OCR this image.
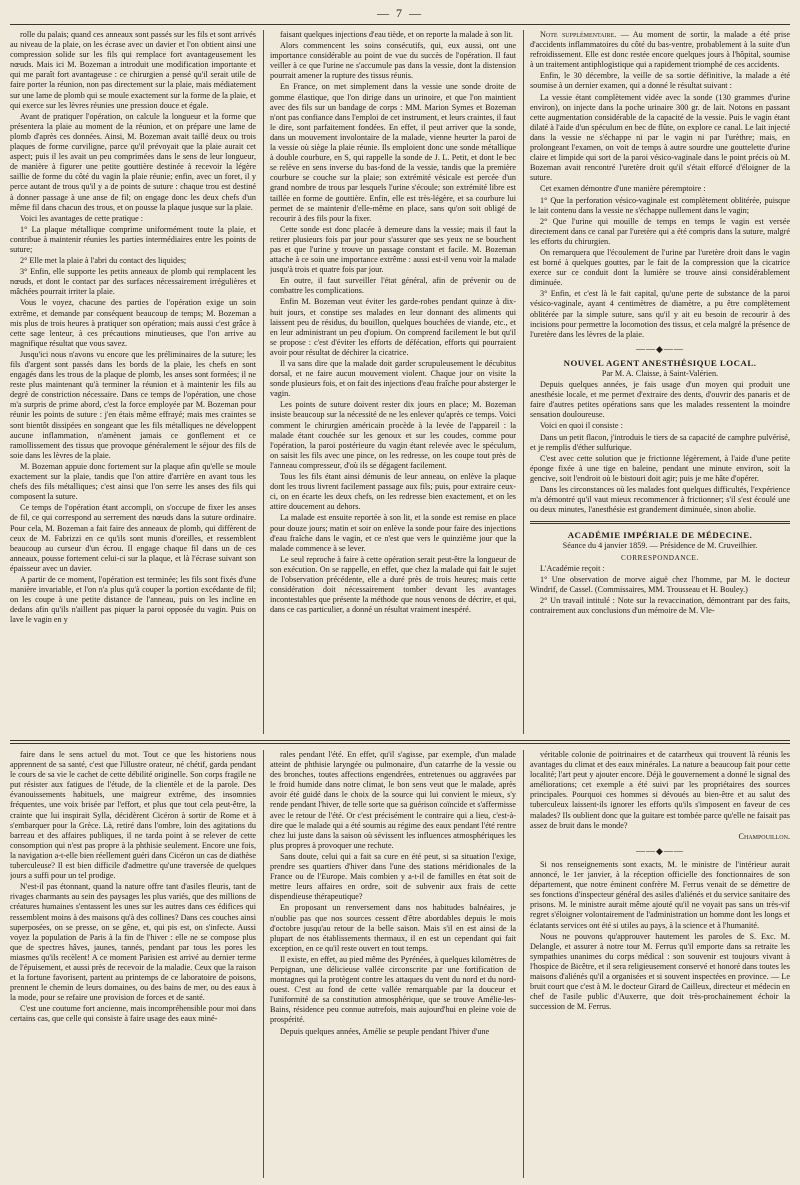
— 7 —

rolle du palais; quand ces anneaux sont passés sur les fils et sont arrivés au niveau de la plaie, on les écrase avec un davier et l'on obtient ainsi une compression solide sur les fils qui remplace fort avantageusement les nœuds. Mais ici M. Bozeman a introduit une modification importante et qui me paraît fort avantageuse : ce chirurgien a pensé qu'il serait utile de faire porter la réunion, non pas directement sur la plaie, mais médiatement sur une lame de plomb qui se moule exactement sur la forme de la plaie, et qui exerce sur les lèvres réunies une pression douce et égale.

Avant de pratiquer l'opération, on calcule la longueur et la forme que présentera la plaie au moment de la réunion, et on prépare une lame de plomb d'après ces données. Ainsi, M. Bozeman avait taillé deux ou trois plaques de forme curviligne, parce qu'il prévoyait que la plaie aurait cet aspect; puis il les avait un peu comprimées dans le sens de leur longueur, de manière à figurer une petite gouttière destinée à recevoir la légère saillie de forme du côté du vagin la plaie réunie; enfin, avec un foret, il y perce autant de trous qu'il y a de points de suture : chaque trou est destiné à donner passage à une anse de fil; on engage donc les deux chefs d'un même fil dans chacun des trous, et on pousse la plaque jusque sur la plaie.

Voici les avantages de cette pratique :

1° La plaque métallique comprime uniformément toute la plaie, et contribue à maintenir réunies les parties intermédiaires entre les points de suture;

2° Elle met la plaie à l'abri du contact des liquides;

3° Enfin, elle supporte les petits anneaux de plomb qui remplacent les nœuds, et dont le contact par des surfaces nécessairement irrégulières et mâchées pourrait irriter la plaie.

Vous le voyez, chacune des parties de l'opération exige un soin extrême, et demande par conséquent beaucoup de temps; M. Bozeman a mis plus de trois heures à pratiquer son opération; mais aussi c'est grâce à cette sage lenteur, à ces précautions minutieuses, que l'on arrive au magnifique résultat que vous savez.

Jusqu'ici nous n'avons vu encore que les préliminaires de la suture; les fils d'argent sont passés dans les bords de la plaie, les chefs en sont engagés dans les trous de la plaque de plomb, les anses sont formées; il ne reste plus maintenant qu'à terminer la réunion et à maintenir les fils au degré de constriction nécessaire. Dans ce temps de l'opération, une chose m'a surpris de prime abord, c'est la force employée par M. Bozeman pour réunir les points de suture : j'en étais même effrayé; mais mes craintes se sont bientôt dissipées en songeant que les fils métalliques ne développent aucune inflammation, n'amènent jamais ce gonflement et ce ramollissement des tissus que provoque généralement le séjour des fils de soie dans les lèvres de la plaie.

M. Bozeman appuie donc fortement sur la plaque afin qu'elle se moule exactement sur la plaie, tandis que l'on attire d'arrière en avant tous les chefs des fils métalliques; c'est ainsi que l'on serre les anses des fils qui composent la suture.

Ce temps de l'opération étant accompli, on s'occupe de fixer les anses de fil, ce qui correspond au serrement des nœuds dans la suture ordinaire. Pour cela, M. Bozeman a fait faire des anneaux de plomb, qui diffèrent de ceux de M. Fabrizzi en ce qu'ils sont munis d'oreilles, et ressemblent beaucoup au curseur d'un écrou. Il engage chaque fil dans un de ces anneaux, pousse fortement celui-ci sur la plaque, et là l'écrase suivant son épaisseur avec un davier.

A partir de ce moment, l'opération est terminée; les fils sont fixés d'une manière invariable, et l'on n'a plus qu'à couper la portion excédante de fil; on les coupe à une petite distance de l'anneau, puis on les incline en dedans afin qu'ils n'aillent pas piquer la paroi opposée du vagin. Puis on lave le vagin en y

faisant quelques injections d'eau tiède, et on reporte la malade à son lit.

Alors commencent les soins consécutifs, qui, eux aussi, ont une importance considérable au point de vue du succès de l'opération. Il faut veiller à ce que l'urine ne s'accumule pas dans la vessie, dont la distension pourrait amener la rupture des tissus réunis.

En France, on met simplement dans la vessie une sonde droite de gomme élastique, que l'on dirige dans un urinoire, et que l'on maintient avec des fils sur un bandage de corps : MM. Marion Symes et Bozeman n'ont pas confiance dans l'emploi de cet instrument, et leurs craintes, il faut le dire, sont parfaitement fondées. En effet, il peut arriver que la sonde, dans un mouvement involontaire de la malade, vienne heurter la paroi de la vessie où siège la plaie réunie. Ils emploient donc une sonde métallique à double courbure, en S, qui rappelle la sonde de J. L. Petit, et dont le bec se relève en sens inverse du bas-fond de la vessie, tandis que la première courbure se couche sur la plaie; son extrémité vésicale est percée d'un grand nombre de trous par lesquels l'urine s'écoule; son extrémité libre est taillée en forme de gouttière. Enfin, elle est très-légère, et sa courbure lui permet de se maintenir d'elle-même en place, sans qu'on soit obligé de recourir à des fils pour la fixer.

Cette sonde est donc placée à demeure dans la vessie; mais il faut la retirer plusieurs fois par jour pour s'assurer que ses yeux ne se bouchent pas et que l'urine y trouve un passage constant et facile. M. Bozeman attache à ce soin une importance extrême : aussi est-il venu voir la malade jusqu'à trois et quatre fois par jour.

En outre, il faut surveiller l'état général, afin de prévenir ou de combattre les complications.

Enfin M. Bozeman veut éviter les garde-robes pendant quinze à dix-huit jours, et constipe ses malades en leur donnant des aliments qui laissent peu de résidus, du bouillon, quelques bouchées de viande, etc., et en leur administrant un peu d'opium. On comprend facilement le but qu'il se propose : c'est d'éviter les efforts de défécation, efforts qui pourraient avoir pour résultat de déchirer la cicatrice.

Il va sans dire que la malade doit garder scrupuleusement le décubitus dorsal, et ne faire aucun mouvement violent. Chaque jour on visite la sonde plusieurs fois, et on fait des injections d'eau fraîche pour absterger le vagin.

Les points de suture doivent rester dix jours en place; M. Bozeman insiste beaucoup sur la nécessité de ne les enlever qu'après ce temps. Voici comment le chirurgien américain procède à la levée de l'appareil : la malade étant couchée sur les genoux et sur les coudes, comme pour l'opération, la paroi postérieure du vagin étant relevée avec le spéculum, on saisit les fils avec une pince, on les redresse, on les coupe tout près de l'anneau compresseur, d'où ils se dégagent facilement.

Tous les fils étant ainsi démunis de leur anneau, on enlève la plaque dont les trous livrent facilement passage aux fils; puis, pour extraire ceux-ci, on en écarte les deux chefs, on les redresse bien exactement, et on les attire doucement au dehors.

La malade est ensuite reportée à son lit, et la sonde est remise en place pour douze jours; matin et soir on enlève la sonde pour faire des injections d'eau fraîche dans le vagin, et ce n'est que vers le quinzième jour que la malade commence à se lever.

Le seul reproche à faire à cette opération serait peut-être la longueur de son exécution. On se rappelle, en effet, que chez la malade qui fait le sujet de l'observation précédente, elle a duré près de trois heures; mais cette considération doit nécessairement tomber devant les avantages incontestables que présente la méthode que nous venons de décrire, et qui, dans ce cas particulier, a donné un résultat vraiment inespéré.

Note supplémentaire. — Au moment de sortir, la malade a été prise d'accidents inflammatoires du côté du bas-ventre, probablement à la suite d'un refroidissement. Elle est donc restée encore quelques jours à l'hôpital, soumise à un traitement antiphlogistique qui a rapidement triomphé de ces accidents.

Enfin, le 30 décembre, la veille de sa sortie définitive, la malade a été soumise à un dernier examen, qui a donné le résultat suivant :

La vessie étant complètement vidée avec la sonde (130 grammes d'urine environ), on injecte dans la poche urinaire 300 gr. de lait. Notons en passant cette augmentation considérable de la capacité de la vessie. Puis le vagin étant dilaté à l'aide d'un spéculum en bec de flûte, on explore ce canal. Le lait injecté dans la vessie ne s'échappe ni par le vagin ni par l'urèthre; mais, en prolongeant l'examen, on voit de temps à autre sourdre une gouttelette d'urine claire et limpide qui sort de la paroi vésico-vaginale dans le point précis où M. Bozeman avait rencontré l'uretère droit qu'il s'était efforcé d'éloigner de la suture.

Cet examen démontre d'une manière péremptoire :

1° Que la perforation vésico-vaginale est complètement oblitérée, puisque le lait contenu dans la vessie ne s'échappe nullement dans le vagin;

2° Que l'urine qui mouille de temps en temps le vagin est versée directement dans ce canal par l'uretère qui a été compris dans la suture, malgré les efforts du chirurgien.

On remarquera que l'écoulement de l'urine par l'uretère droit dans le vagin est borné à quelques gouttes, par le fait de la compression que la cicatrice exerce sur ce conduit dont la lumière se trouve ainsi considérablement diminuée.

3° Enfin, et c'est là le fait capital, qu'une perte de substance de la paroi vésico-vaginale, ayant 4 centimètres de diamètre, a pu être complètement oblitérée par la simple suture, sans qu'il y ait eu besoin de recourir à des incisions pour permettre la locomotion des tissus, et cela malgré la présence de l'uretère dans les lèvres de la plaie.

——◆——

NOUVEL AGENT ANESTHÉSIQUE LOCAL.

Par M. A. Claisse, à Saint-Valérien.

Depuis quelques années, je fais usage d'un moyen qui produit une anesthésie locale, et me permet d'extraire des dents, d'ouvrir des panaris et de faire d'autres petites opérations sans que les malades ressentent la moindre sensation douloureuse.

Voici en quoi il consiste :

Dans un petit flacon, j'introduis le tiers de sa capacité de camphre pulvérisé, et je remplis d'éther sulfurique.

C'est avec cette solution que je frictionne légèrement, à l'aide d'une petite éponge fixée à une tige en baleine, pendant une minute environ, soit la gencive, soit l'endroit où le bistouri doit agir; puis je me hâte d'opérer.

Dans les circonstances où les malades font quelques difficultés, l'expérience m'a démontré qu'il vaut mieux recommencer à frictionner; s'il s'est écoulé une ou deux minutes, l'anesthésie est grandement diminuée, sinon abolie.

ACADÉMIE IMPÉRIALE DE MÉDECINE.

Séance du 4 janvier 1859. — Présidence de M. Cruveilhier.

CORRESPONDANCE.

L'Académie reçoit :

1° Une observation de morve aiguë chez l'homme, par M. le docteur Windrif, de Cassel. (Commissaires, MM. Trousseau et H. Bouley.)

2° Un travail intitulé : Note sur la revaccination, démontrant par des faits, contrairement aux conclusions d'un mémoire de M. Vle-

faire dans le sens actuel du mot. Tout ce que les historiens nous apprennent de sa santé, c'est que l'illustre orateur, né chétif, garda pendant le cours de sa vie le cachet de cette débilité originelle. Son corps fragile ne put résister aux fatigues de l'étude, de la clientèle et de la parole. Des évanouissements habituels, une maigreur extrême, des insomnies fréquentes, une voix brisée par l'effort, et plus que tout cela peut-être, la crainte que lui inspirait Sylla, décidèrent Cicéron à sortir de Rome et à s'embarquer pour la Grèce. Là, retiré dans l'ombre, loin des agitations du barreau et des affaires publiques, il ne tarda point à se relever de cette consomption qui n'est pas propre à la phthisie seulement. Encore une fois, la navigation a-t-elle bien réellement guéri dans Cicéron un cas de diathèse tuberculeuse? Il est bien difficile d'admettre qu'une traversée de quelques jours a suffi pour un tel prodige.

N'est-il pas étonnant, quand la nature offre tant d'asiles fleuris, tant de rivages charmants au sein des paysages les plus variés, que des millions de créatures humaines s'entassent les unes sur les autres dans ces édifices qui ressemblent moins à des maisons qu'à des collines? Dans ces couches ainsi superposées, on se presse, on se gêne, et, qui pis est, on s'infecte. Aussi voyez la population de Paris à la fin de l'hiver : elle ne se compose plus que de spectres hâves, jaunes, tannés, pendant par tous les pores les miasmes qu'ils recèlent! A ce moment Parisien est arrivé au dernier terme de l'épuisement, et aussi près de recevoir de la maladie. Ceux que la raison et la fortune favorisent, partent au printemps de ce laboratoire de poisons, prennent le chemin de leurs domaines, ou des bains de mer, ou des eaux à la mode, pour se refaire une provision de forces et de santé.

C'est une coutume fort ancienne, mais incompréhensible pour moi dans certains cas, que celle qui consiste à faire usage des eaux miné-

rales pendant l'été. En effet, qu'il s'agisse, par exemple, d'un malade atteint de phthisie laryngée ou pulmonaire, d'un catarrhe de la vessie ou des bronches, toutes affections engendrées, entretenues ou aggravées par le froid humide dans notre climat, le bon sens veut que le malade, après avoir été guidé dans le choix de la source qui lui convient le mieux, s'y rende pendant l'hiver, de telle sorte que sa guérison coïncide et s'affermisse avec le retour de l'été. Or c'est précisément le contraire qui a lieu, c'est-à-dire que le malade qui a été soumis au régime des eaux pendant l'été rentre chez lui juste dans la saison où sévissent les influences atmosphériques les plus propres à provoquer une rechute.

Sans doute, celui qui a fait sa cure en été peut, si sa situation l'exige, prendre ses quartiers d'hiver dans l'une des stations méridionales de la France ou de l'Europe. Mais combien y a-t-il de familles en état soit de mettre leurs affaires en ordre, soit de subvenir aux frais de cette dispendieuse thérapeutique?

En proposant un renversement dans nos habitudes balnéaires, je n'oublie pas que nos sources cessent d'être abordables depuis le mois d'octobre jusqu'au retour de la belle saison. Mais s'il en est ainsi de la plupart de nos établissements thermaux, il en est un cependant qui fait exception, en ce qu'il reste ouvert en tout temps.

Il existe, en effet, au pied même des Pyrénées, à quelques kilomètres de Perpignan, une délicieuse vallée circonscrite par une fortification de montagnes qui la protègent contre les attaques du vent du nord et du nord-ouest. C'est au fond de cette vallée remarquable par la douceur et l'uniformité de sa constitution atmosphérique, que se trouve Amélie-les-Bains, résidence peu connue autrefois, mais aujourd'hui en pleine voie de prospérité.

Depuis quelques années, Amélie se peuple pendant l'hiver d'une

véritable colonie de poitrinaires et de catarrheux qui trouvent là réunis les avantages du climat et des eaux minérales. La nature a beaucoup fait pour cette localité; l'art peut y ajouter encore. Déjà le gouvernement a donné le signal des améliorations; cet exemple a été suivi par les propriétaires des sources principales. Pourquoi ces hommes si dévoués au bien-être et au salut des tuberculeux laissent-ils ignorer les efforts qu'ils s'imposent en faveur de ces malades? Ils oublient donc que la guitare est tombée parce qu'elle ne faisait pas assez de bruit dans le monde?

Champouillon.

——◆——

Si nos renseignements sont exacts, M. le ministre de l'intérieur aurait annoncé, le 1er janvier, à la réception officielle des fonctionnaires de son département, que notre éminent confrère M. Ferrus venait de se démettre de ses fonctions d'inspecteur général des asiles d'aliénés et du service sanitaire des prisons. M. le ministre aurait même ajouté qu'il ne voyait pas sans un très-vif regret s'éloigner volontairement de l'administration un homme dont les longs et éclatants services ont été si utiles au pays, à la science et à l'humanité.

Nous ne pouvons qu'approuver hautement les paroles de S. Exc. M. Delangle, et assurer à notre tour M. Ferrus qu'il emporte dans sa retraite les sympathies unanimes du corps médical : son souvenir est toujours vivant à l'hospice de Bicêtre, et il sera religieusement conservé et honoré dans toutes les maisons d'aliénés qu'il a organisées et si souvent inspectées en province. — Le bruit court que c'est à M. le docteur Girard de Cailleux, directeur et médecin en chef de l'asile public d'Auxerre, que doit très-prochainement échoir la succession de M. Ferrus.
